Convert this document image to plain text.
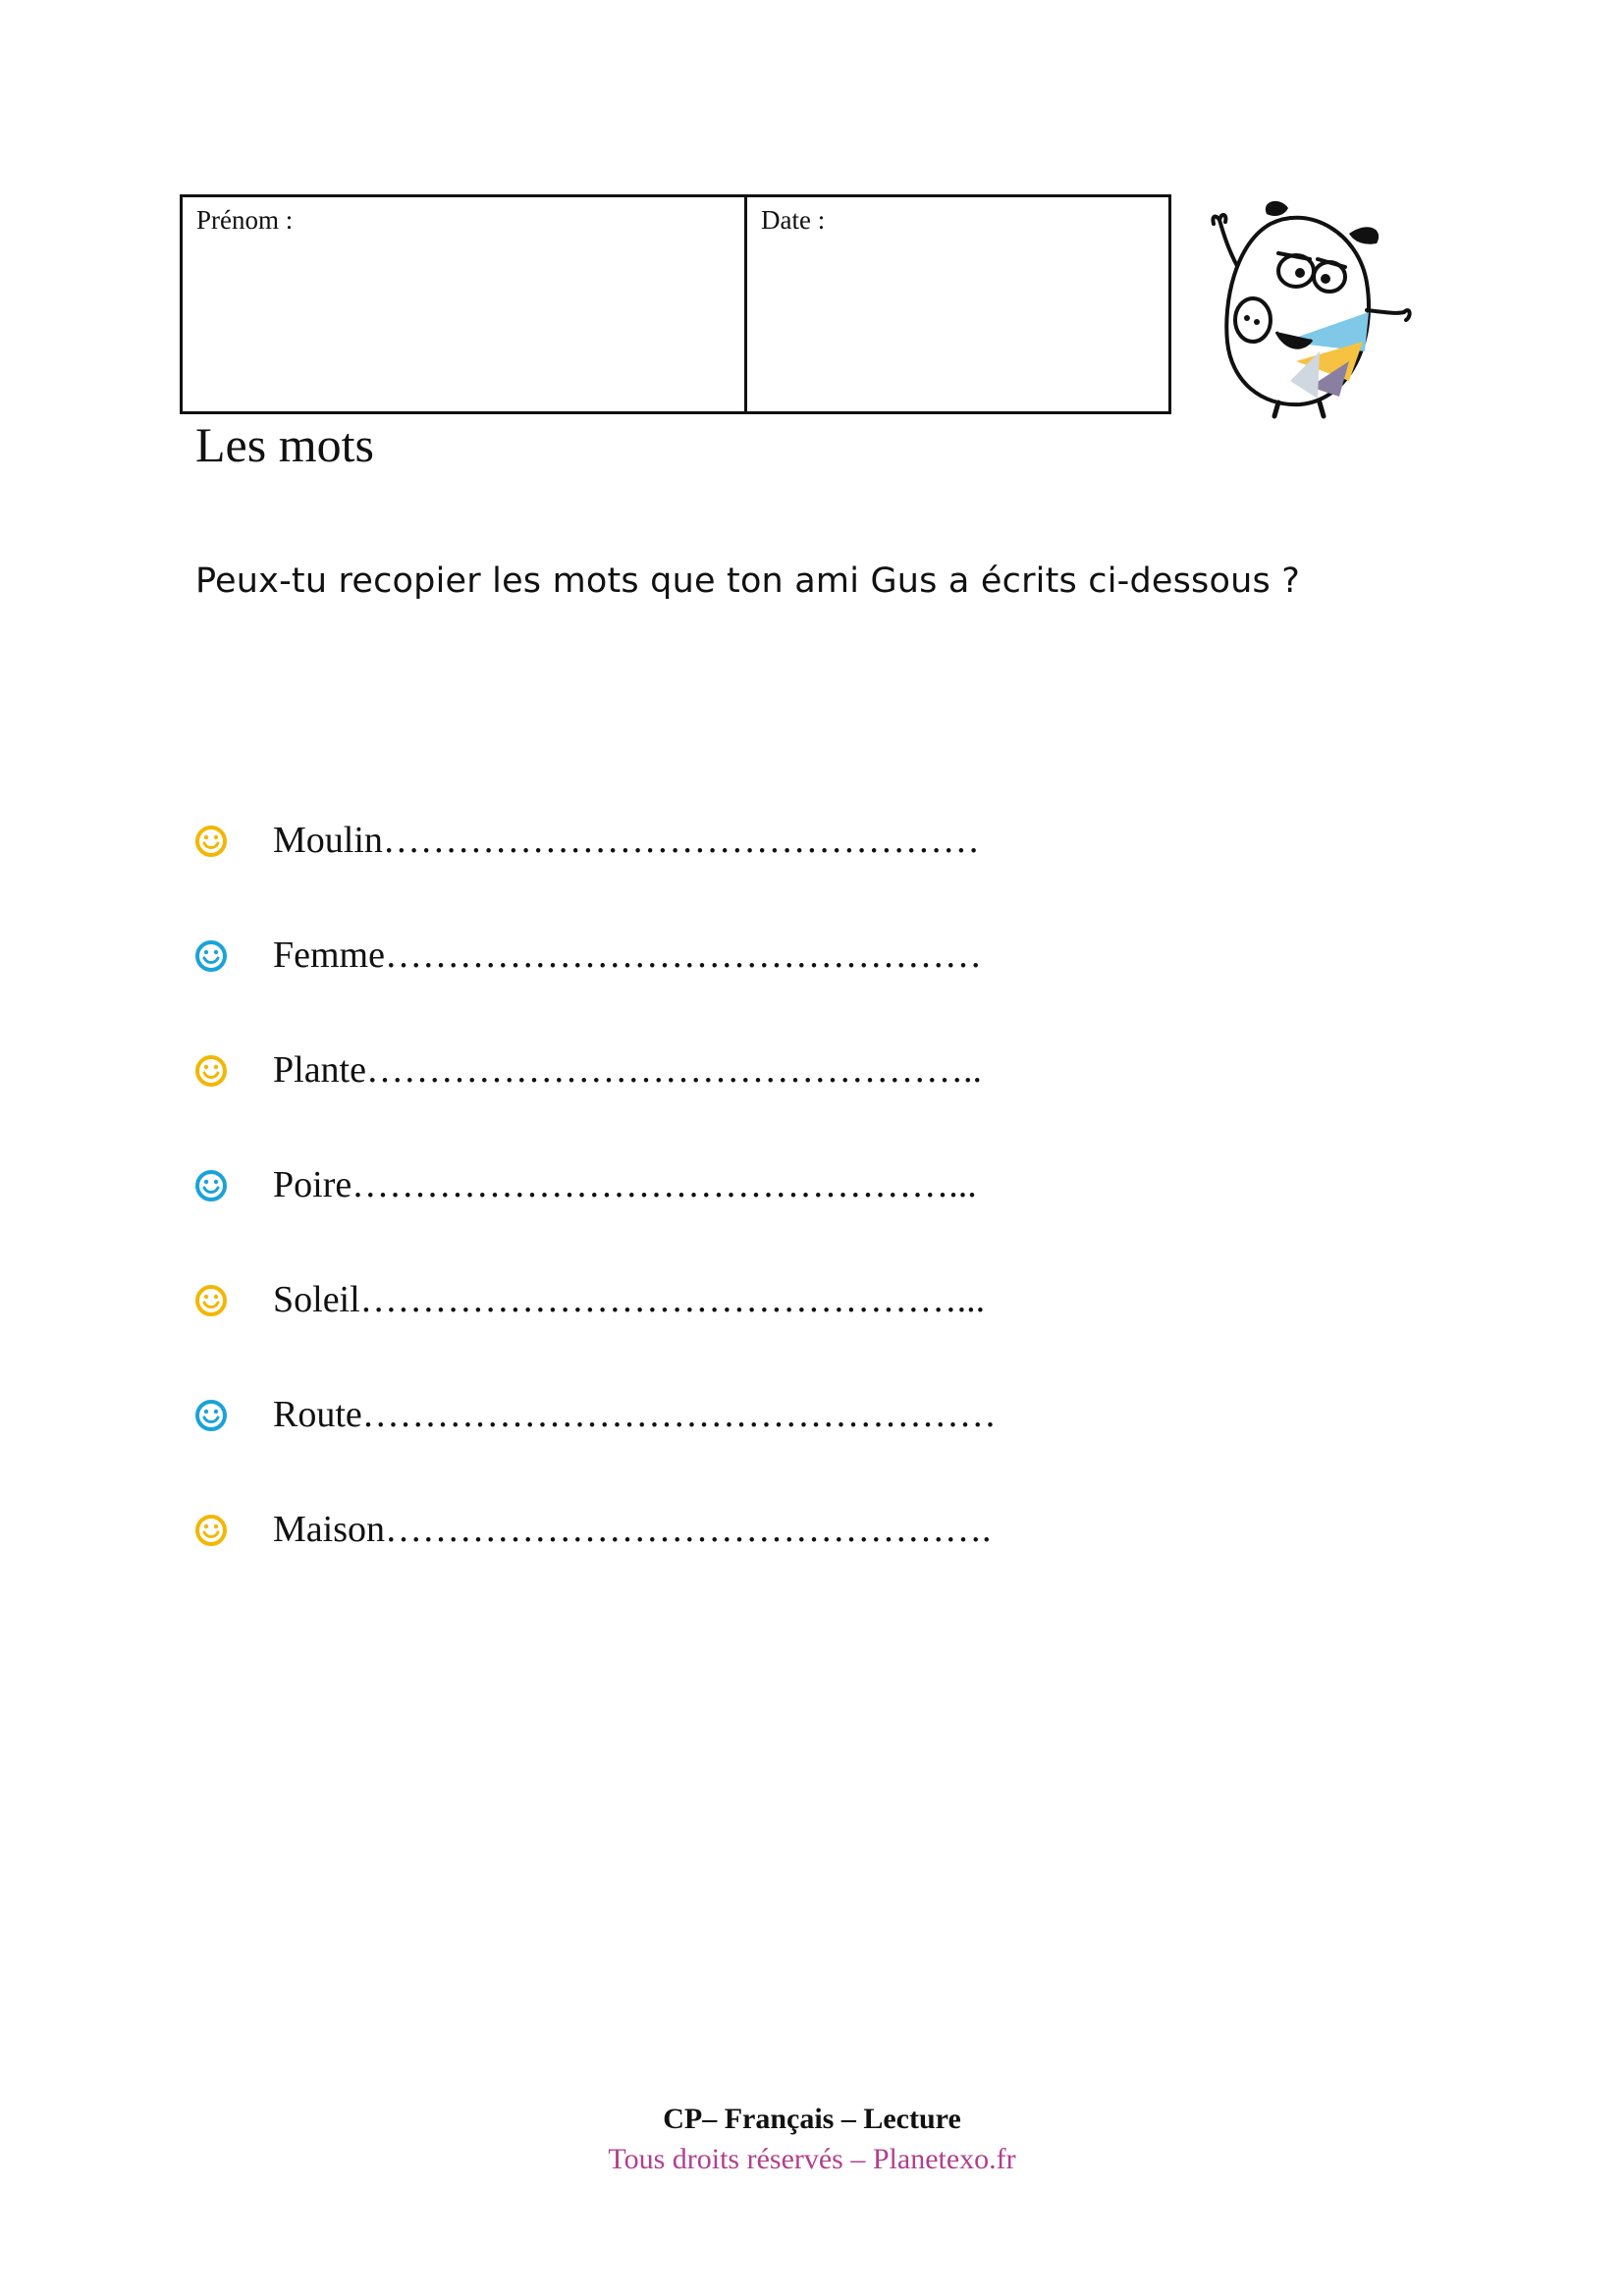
Prénom :	Date :
Les mots
Peux-tu recopier les mots que ton ami Gus a écrits ci-dessous ?
Moulin…………………………………………
Femme…………………………………………
Plante…………………………………………..
Poire…………………………………………...
Soleil…………………………………………...
Route……………………………………………
Maison………………………………………….
CP– Français – Lecture
Tous droits réservés – Planetexo.fr
